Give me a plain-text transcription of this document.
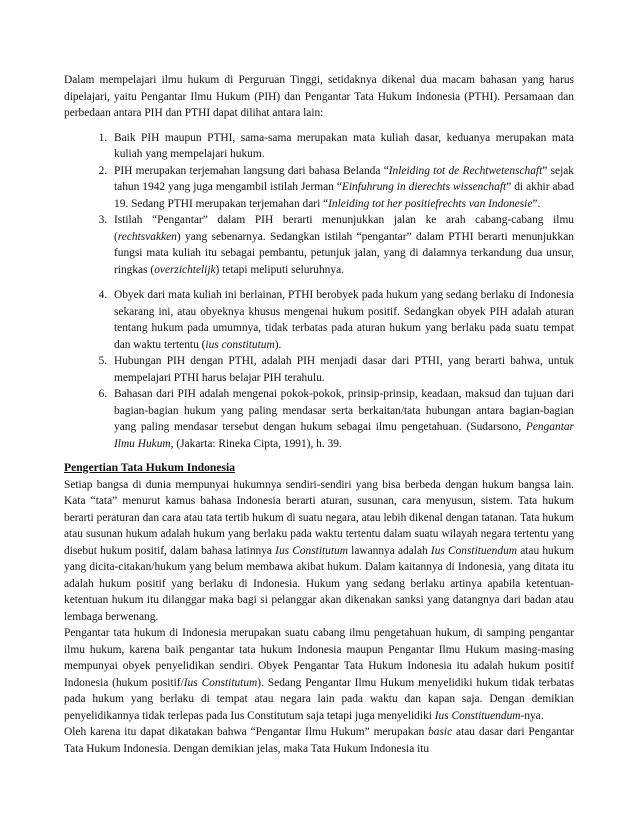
Dalam mempelajari ilmu hukum di Perguruan Tinggi, setidaknya dikenal dua macam bahasan yang harus dipelajari, yaitu Pengantar Ilmu Hukum (PIH) dan Pengantar Tata Hukum Indonesia (PTHI). Persamaan dan perbedaan antara PIH dan PTHI dapat dilihat antara lain:

1. Baik PIH maupun PTHI, sama-sama merupakan mata kuliah dasar, keduanya merupakan mata kuliah yang mempelajari hukum.
2. PIH merupakan terjemahan langsung dari bahasa Belanda “Inleiding tot de Rechtwetenschaft” sejak tahun 1942 yang juga mengambil istilah Jerman “Einfuhrung in dierechts wissenchaft” di akhir abad 19. Sedang PTHI merupakan terjemahan dari “Inleiding tot her positiefrechts van Indonesie”.
3. Istilah “Pengantar” dalam PIH berarti menunjukkan jalan ke arah cabang-cabang ilmu (rechtsvakken) yang sebenarnya. Sedangkan istilah “pengantar” dalam PTHI berarti menunjukkan fungsi mata kuliah itu sebagai pembantu, petunjuk jalan, yang di dalamnya terkandung dua unsur, ringkas (overzichtelijk) tetapi meliputi seluruhnya.
4. Obyek dari mata kuliah ini berlainan, PTHI berobyek pada hukum yang sedang berlaku di Indonesia sekarang ini, atau obyeknya khusus mengenai hukum positif. Sedangkan obyek PIH adalah aturan tentang hukum pada umumnya, tidak terbatas pada aturan hukum yang berlaku pada suatu tempat dan waktu tertentu (ius constitutum).
5. Hubungan PIH dengan PTHI, adalah PIH menjadi dasar dari PTHI, yang berarti bahwa, untuk mempelajari PTHI harus belajar PIH terahulu.
6. Bahasan dari PIH adalah mengenai pokok-pokok, prinsip-prinsip, keadaan, maksud dan tujuan dari bagian-bagian hukum yang paling mendasar serta berkaitan/tata hubungan antara bagian-bagian yang paling mendasar tersebut dengan hukum sebagai ilmu pengetahuan. (Sudarsono, Pengantar Ilmu Hukum, (Jakarta: Rineka Cipta, 1991), h. 39.
Pengertian Tata Hukum Indonesia

Setiap bangsa di dunia mempunyai hukumnya sendiri-sendiri yang bisa berbeda dengan hukum bangsa lain. Kata “tata” menurut kamus bahasa Indonesia berarti aturan, susunan, cara menyusun, sistem. Tata hukum berarti peraturan dan cara atau tata tertib hukum di suatu negara, atau lebih dikenal dengan tatanan. Tata hukum atau susunan hukum adalah hukum yang berlaku pada waktu tertentu dalam suatu wilayah negara tertentu yang disebut hukum positif, dalam bahasa latinnya Ius Constitutum lawannya adalah Ius Constituendum atau hukum yang dicita-citakan/hukum yang belum membawa akibat hukum. Dalam kaitannya di Indonesia, yang ditata itu adalah hukum positif yang berlaku di Indonesia. Hukum yang sedang berlaku artinya apabila ketentuan-ketentuan hukum itu dilanggar maka bagi si pelanggar akan dikenakan sanksi yang datangnya dari badan atau lembaga berwenang.

Pengantar tata hukum di Indonesia merupakan suatu cabang ilmu pengetahuan hukum, di samping pengantar ilmu hukum, karena baik pengantar tata hukum Indonesia maupun Pengantar Ilmu Hukum masing-masing mempunyai obyek penyelidikan sendiri. Obyek Pengantar Tata Hukum Indonesia itu adalah hukum positif Indonesia (hukum positif/Ius Constitutum). Sedang Pengantar Ilmu Hukum menyelidiki hukum tidak terbatas pada hukum yang berlaku di tempat atau negara lain pada waktu dan kapan saja. Dengan demikian penyelidikannya tidak terlepas pada Ius Constitutum saja tetapi juga menyelidiki Ius Constituendum-nya.

Oleh karena itu dapat dikatakan bahwa “Pengantar Ilmu Hukum” merupakan basic atau dasar dari Pengantar Tata Hukum Indonesia. Dengan demikian jelas, maka Tata Hukum Indonesia itu
